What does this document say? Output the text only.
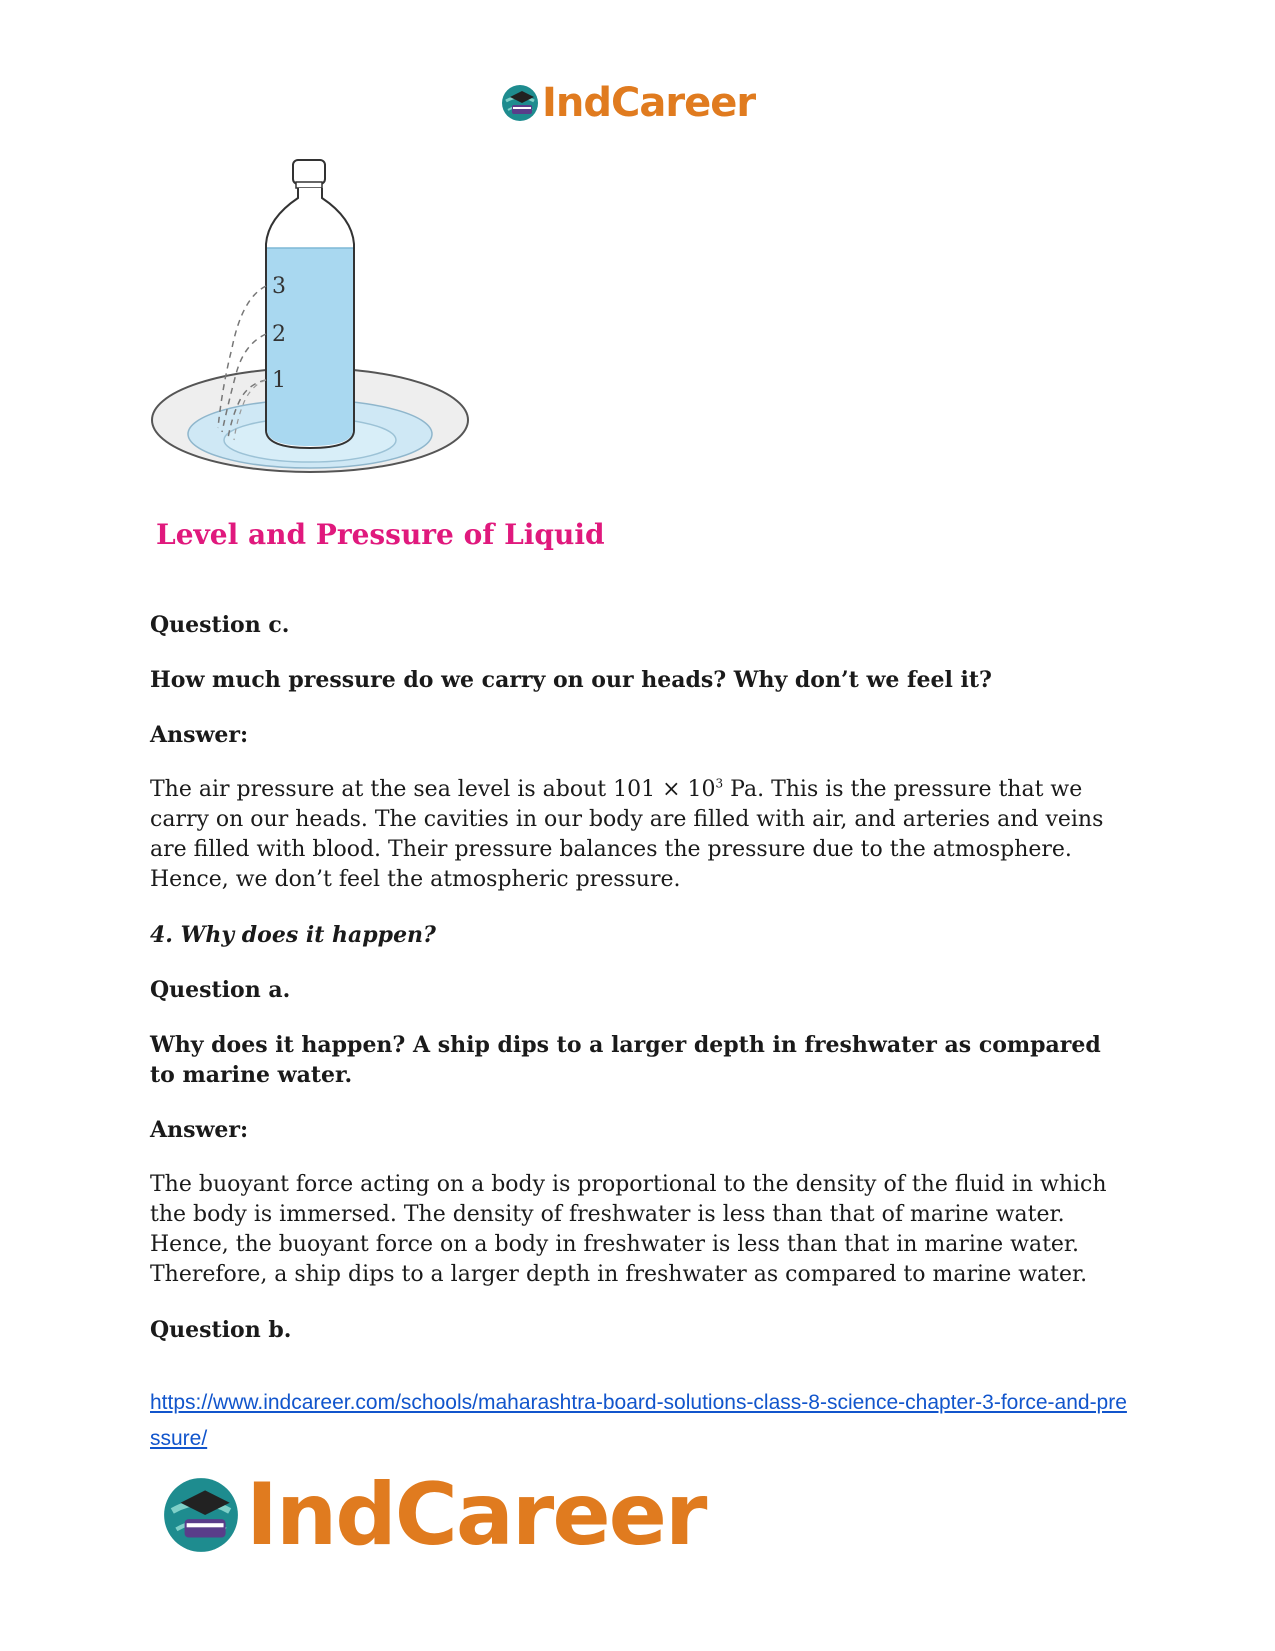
IndCareer
3
2
1
Level and Pressure of Liquid

Question c.

How much pressure do we carry on our heads? Why don’t we feel it?

Answer:

The air pressure at the sea level is about $101 \times 10^3$ Pa. This is the pressure that we carry on our heads. The cavities in our body are filled with air, and arteries and veins are filled with blood. Their pressure balances the pressure due to the atmosphere. Hence, we don’t feel the atmospheric pressure.

4. Why does it happen?

Question a.

Why does it happen? A ship dips to a larger depth in freshwater as compared to marine water.

Answer:

The buoyant force acting on a body is proportional to the density of the fluid in which the body is immersed. The density of freshwater is less than that of marine water. Hence, the buoyant force on a body in freshwater is less than that in marine water. Therefore, a ship dips to a larger depth in freshwater as compared to marine water.

Question b.

https://www.indcareer.com/schools/maharashtra-board-solutions-class-8-science-chapter-3-force-and-pressure/
IndCareer
